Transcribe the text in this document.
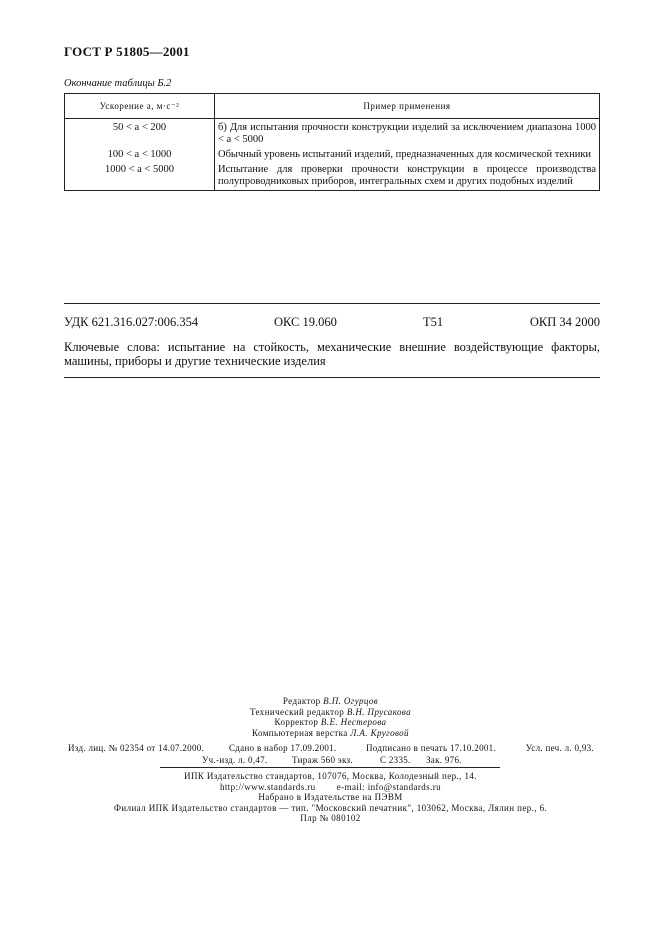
ГОСТ Р 51805—2001
Окончание таблицы Б.2
Ускорение a, м·с⁻²	Пример применения
50 < a < 200	б) Для испытания прочности конструкции изделий за исключением диапазона 1000 < a < 5000
100 < a < 1000	Обычный уровень испытаний изделий, предназначенных для космической техники
1000 < a < 5000	Испытание для проверки прочности конструкции в процессе производства полупроводниковых приборов, интегральных схем и других подобных изделий
УДК 621.316.027:006.354	ОКС 19.060	Т51	ОКП 34 2000
Ключевые слова: испытание на стойкость, механические внешние воздействующие факторы, машины, приборы и другие технические изделия
Редактор В.П. Огурцов
Технический редактор В.Н. Прусакова
Корректор В.Е. Нестерова
Компьютерная верстка Л.А. Круговой
Изд. лиц. № 02354 от 14.07.2000.	Сдано в набор 17.09.2001.	Подписано в печать 17.10.2001.	Усл. печ. л. 0,93.
Уч.-изд. л. 0,47.	Тираж 560 экз.	С 2335. Зак. 976.
ИПК Издательство стандартов, 107076, Москва, Колодезный пер., 14.
http://www.standards.ru e-mail: info@standards.ru
Набрано в Издательстве на ПЭВМ
Филиал ИПК Издательство стандартов — тип. "Московский печатник", 103062, Москва, Лялин пер., 6.
Плр № 080102
